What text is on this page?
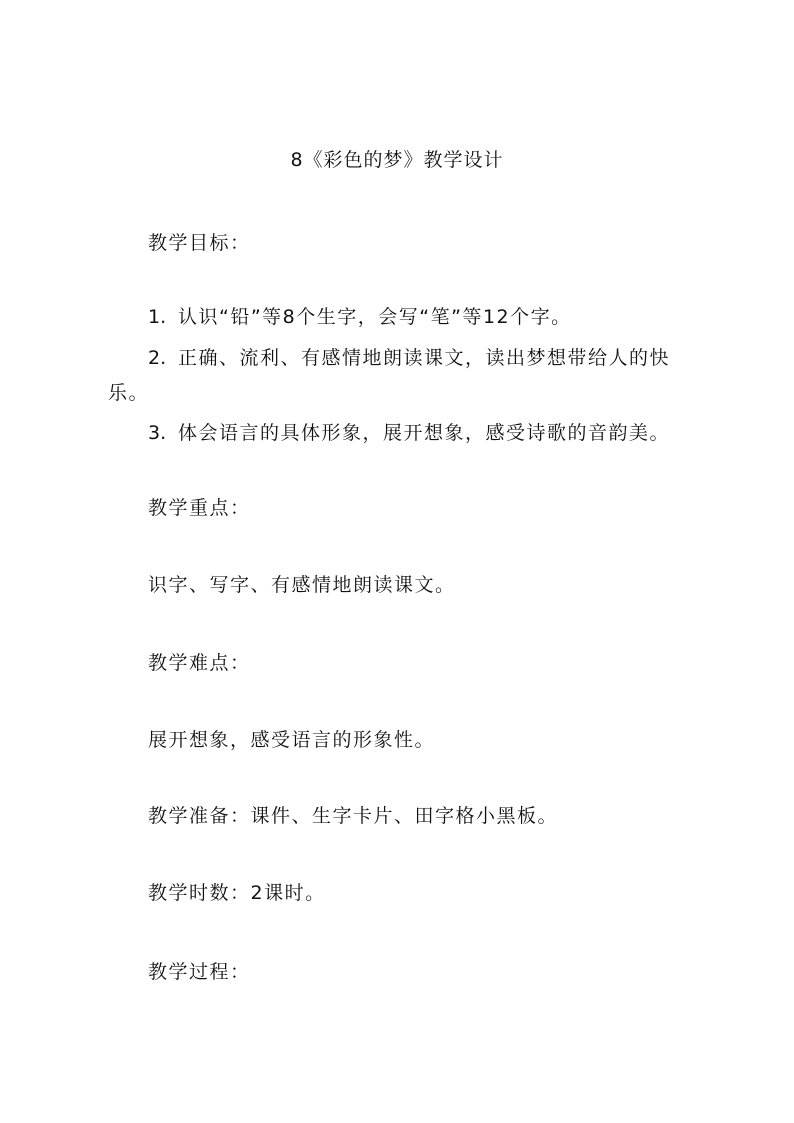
8《彩色的梦》教学设计
教学目标：
1. 认识“铅”等8个生字，会写“笔”等12个字。
2. 正确、流利、有感情地朗读课文，读出梦想带给人的快
乐。
3. 体会语言的具体形象，展开想象，感受诗歌的音韵美。
教学重点：
识字、写字、有感情地朗读课文。
教学难点：
展开想象，感受语言的形象性。
教学准备：课件、生字卡片、田字格小黑板。
教学时数：2课时。
教学过程：
